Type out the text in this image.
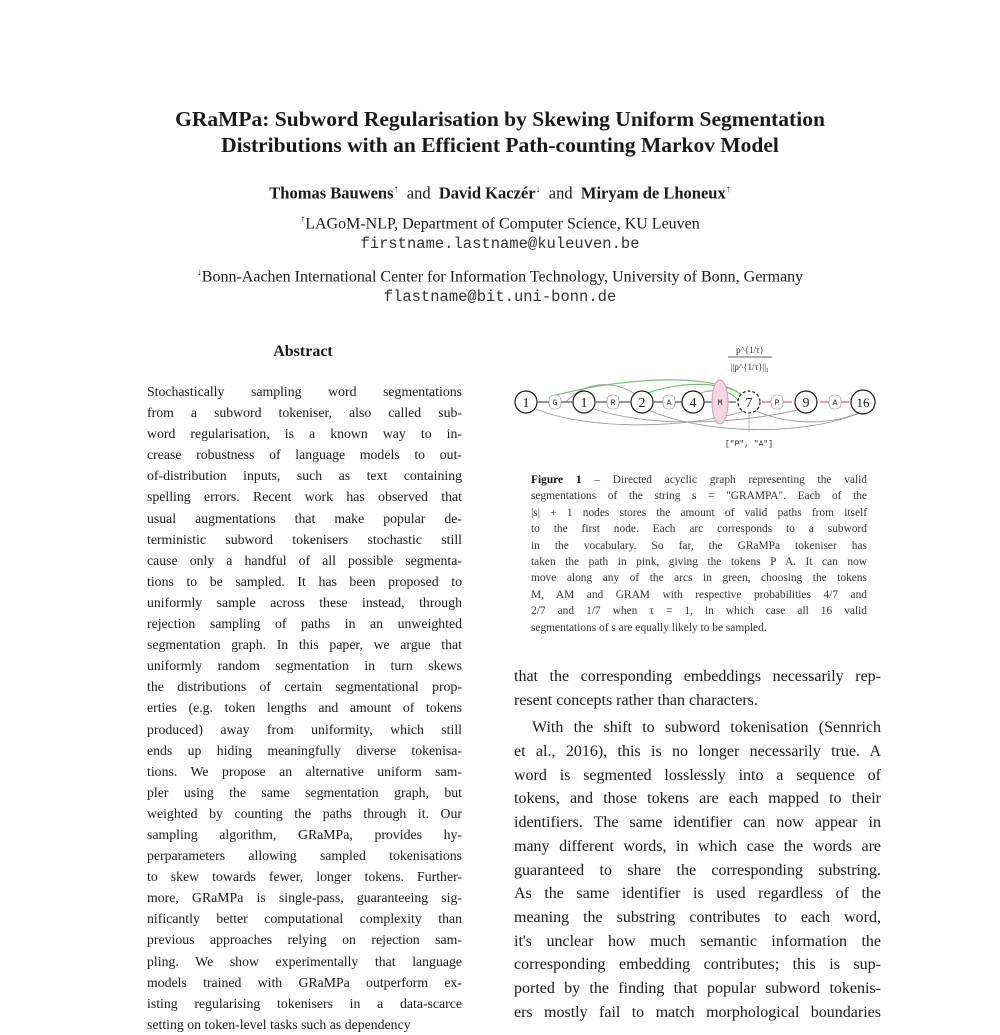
GRaMPa: Subword Regularisation by Skewing Uniform Segmentation
Distributions with an Efficient Path-counting Markov Model
Thomas Bauwens↑ and David Kaczér↓ and Miryam de Lhoneux↑
↑LAGoM-NLP, Department of Computer Science, KU Leuven
firstname.lastname@kuleuven.be
↓Bonn-Aachen International Center for Information Technology, University of Bonn, Germany
flastname@bit.uni-bonn.de
Abstract
Stochastically sampling word segmentations
from a subword tokeniser, also called sub-
word regularisation, is a known way to in-
crease robustness of language models to out-
of-distribution inputs, such as text containing
spelling errors. Recent work has observed that
usual augmentations that make popular de-
terministic subword tokenisers stochastic still
cause only a handful of all possible segmenta-
tions to be sampled. It has been proposed to
uniformly sample across these instead, through
rejection sampling of paths in an unweighted
segmentation graph. In this paper, we argue that
uniformly random segmentation in turn skews
the distributions of certain segmentational prop-
erties (e.g. token lengths and amount of tokens
produced) away from uniformity, which still
ends up hiding meaningfully diverse tokenisa-
tions. We propose an alternative uniform sam-
pler using the same segmentation graph, but
weighted by counting the paths through it. Our
sampling algorithm, GRaMPa, provides hy-
perparameters allowing sampled tokenisations
to skew towards fewer, longer tokens. Further-
more, GRaMPa is single-pass, guaranteeing sig-
nificantly better computational complexity than
previous approaches relying on rejection sam-
pling. We show experimentally that language
models trained with GRaMPa outperform ex-
isting regularising tokenisers in a data-scarce
setting on token-level tasks such as dependency
p^{1/τ}
||p^{1/τ}||₁
G	R	A	M	P	A
1	1	2	4	7	9	16
["P", "A"]
Figure 1 – Directed acyclic graph representing the valid
segmentations of the string s = "GRAMPA". Each of the
|s| + 1 nodes stores the amount of valid paths from itself
to the first node. Each arc corresponds to a subword
in the vocabulary. So far, the GRaMPa tokeniser has
taken the path in pink, giving the tokens P A. It can now
move along any of the arcs in green, choosing the tokens
M, AM and GRAM with respective probabilities 4/7 and
2/7 and 1/7 when τ = 1, in which case all 16 valid
segmentations of s are equally likely to be sampled.
that the corresponding embeddings necessarily rep-
resent concepts rather than characters.
With the shift to subword tokenisation (Sennrich
et al., 2016), this is no longer necessarily true. A
word is segmented losslessly into a sequence of
tokens, and those tokens are each mapped to their
identifiers. The same identifier can now appear in
many different words, in which case the words are
guaranteed to share the corresponding substring.
As the same identifier is used regardless of the
meaning the substring contributes to each word,
it's unclear how much semantic information the
corresponding embedding contributes; this is sup-
ported by the finding that popular subword tokenis-
ers mostly fail to match morphological boundaries
